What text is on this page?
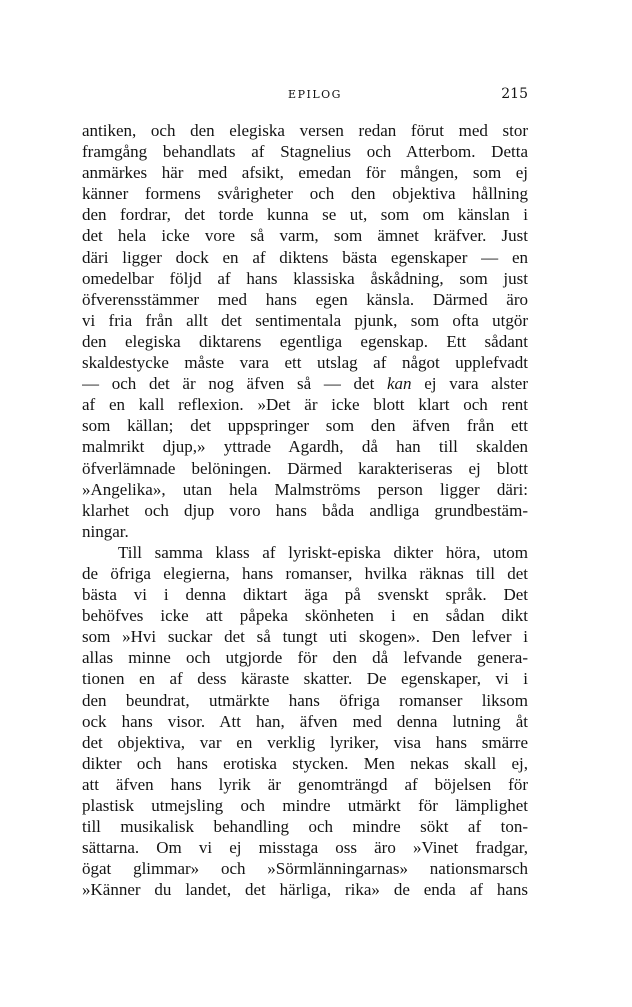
EPILOG	215
antiken, och den elegiska versen redan förut med stor
framgång behandlats af Stagnelius och Atterbom. Detta
anmärkes här med afsikt, emedan för mången, som ej
känner formens svårigheter och den objektiva hållning
den fordrar, det torde kunna se ut, som om känslan i
det hela icke vore så varm, som ämnet kräfver. Just
däri ligger dock en af diktens bästa egenskaper — en
omedelbar följd af hans klassiska åskådning, som just
öfverensstämmer med hans egen känsla. Därmed äro
vi fria från allt det sentimentala pjunk, som ofta utgör
den elegiska diktarens egentliga egenskap. Ett sådant
skaldestycke måste vara ett utslag af något upplefvadt
— och det är nog äfven så — det kan ej vara alster
af en kall reflexion. »Det är icke blott klart och rent
som källan; det uppspringer som den äfven från ett
malmrikt djup,» yttrade Agardh, då han till skalden
öfverlämnade belöningen. Därmed karakteriseras ej blott
»Angelika», utan hela Malmströms person ligger däri:
klarhet och djup voro hans båda andliga grundbestäm-
ningar.
Till samma klass af lyriskt-episka dikter höra, utom
de öfriga elegierna, hans romanser, hvilka räknas till det
bästa vi i denna diktart äga på svenskt språk. Det
behöfves icke att påpeka skönheten i en sådan dikt
som »Hvi suckar det så tungt uti skogen». Den lefver i
allas minne och utgjorde för den då lefvande genera-
tionen en af dess käraste skatter. De egenskaper, vi i
den beundrat, utmärkte hans öfriga romanser liksom
ock hans visor. Att han, äfven med denna lutning åt
det objektiva, var en verklig lyriker, visa hans smärre
dikter och hans erotiska stycken. Men nekas skall ej,
att äfven hans lyrik är genomträngd af böjelsen för
plastisk utmejsling och mindre utmärkt för lämplighet
till musikalisk behandling och mindre sökt af ton-
sättarna. Om vi ej misstaga oss äro »Vinet fradgar,
ögat glimmar» och »Sörmlänningarnas» nationsmarsch
»Känner du landet, det härliga, rika» de enda af hans
